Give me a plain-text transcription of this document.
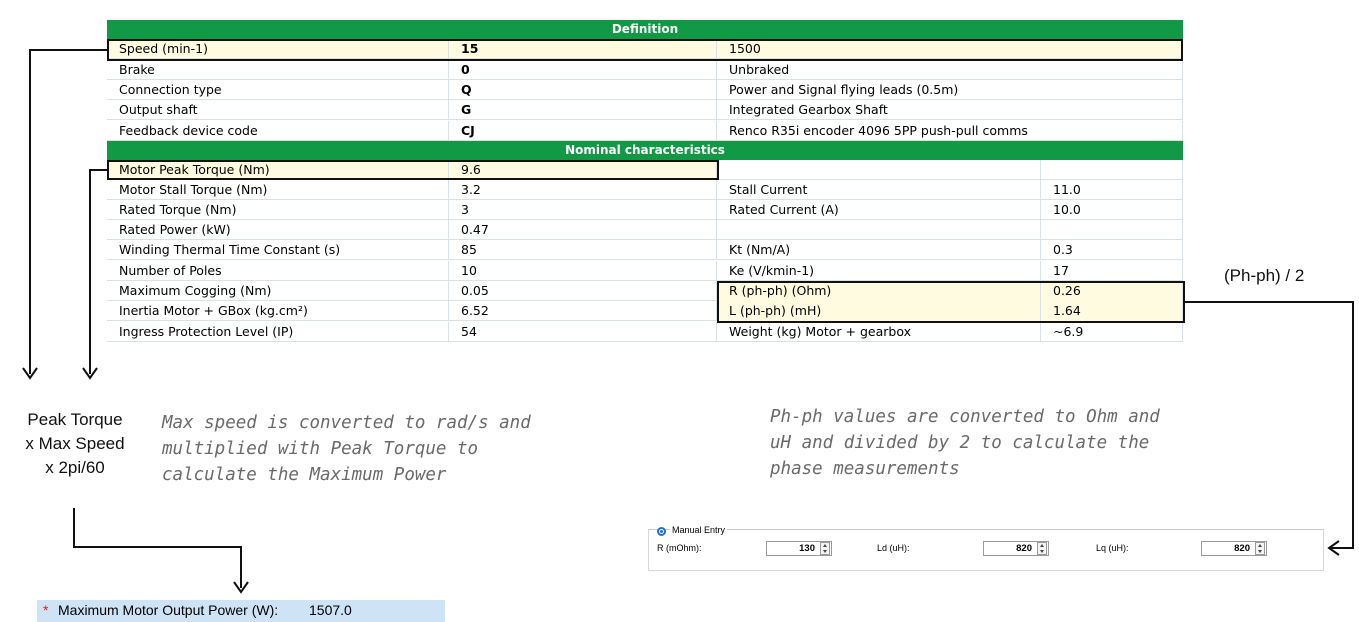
Definition
Speed (min-1)	15	1500
Brake	0	Unbraked
Connection type	Q	Power and Signal flying leads (0.5m)
Output shaft	G	Integrated Gearbox Shaft
Feedback device code	CJ	Renco R35i encoder 4096 5PP push-pull comms
Nominal characteristics
Motor Peak Torque (Nm)	9.6
Motor Stall Torque (Nm)	3.2	Stall Current	11.0
Rated Torque (Nm)	3	Rated Current (A)	10.0
Rated Power (kW)	0.47
Winding Thermal Time Constant (s)	85	Kt (Nm/A)	0.3
Number of Poles	10	Ke (V/kmin-1)	17
Maximum Cogging (Nm)	0.05	R (ph-ph) (Ohm)	0.26
Inertia Motor + GBox (kg.cm²)	6.52	L (ph-ph) (mH)	1.64
Ingress Protection Level (IP)	54	Weight (kg) Motor + gearbox	~6.9
(Ph-ph) / 2
Peak Torque
x Max Speed
x 2pi/60
Max speed is converted to rad/s and
multiplied with Peak Torque to
calculate the Maximum Power
Ph-ph values are converted to Ohm and
uH and divided by 2 to calculate the
phase measurements
Manual Entry
R (mOhm):	130	Ld (uH):	820	Lq (uH):	820
* Maximum Motor Output Power (W): 1507.0
